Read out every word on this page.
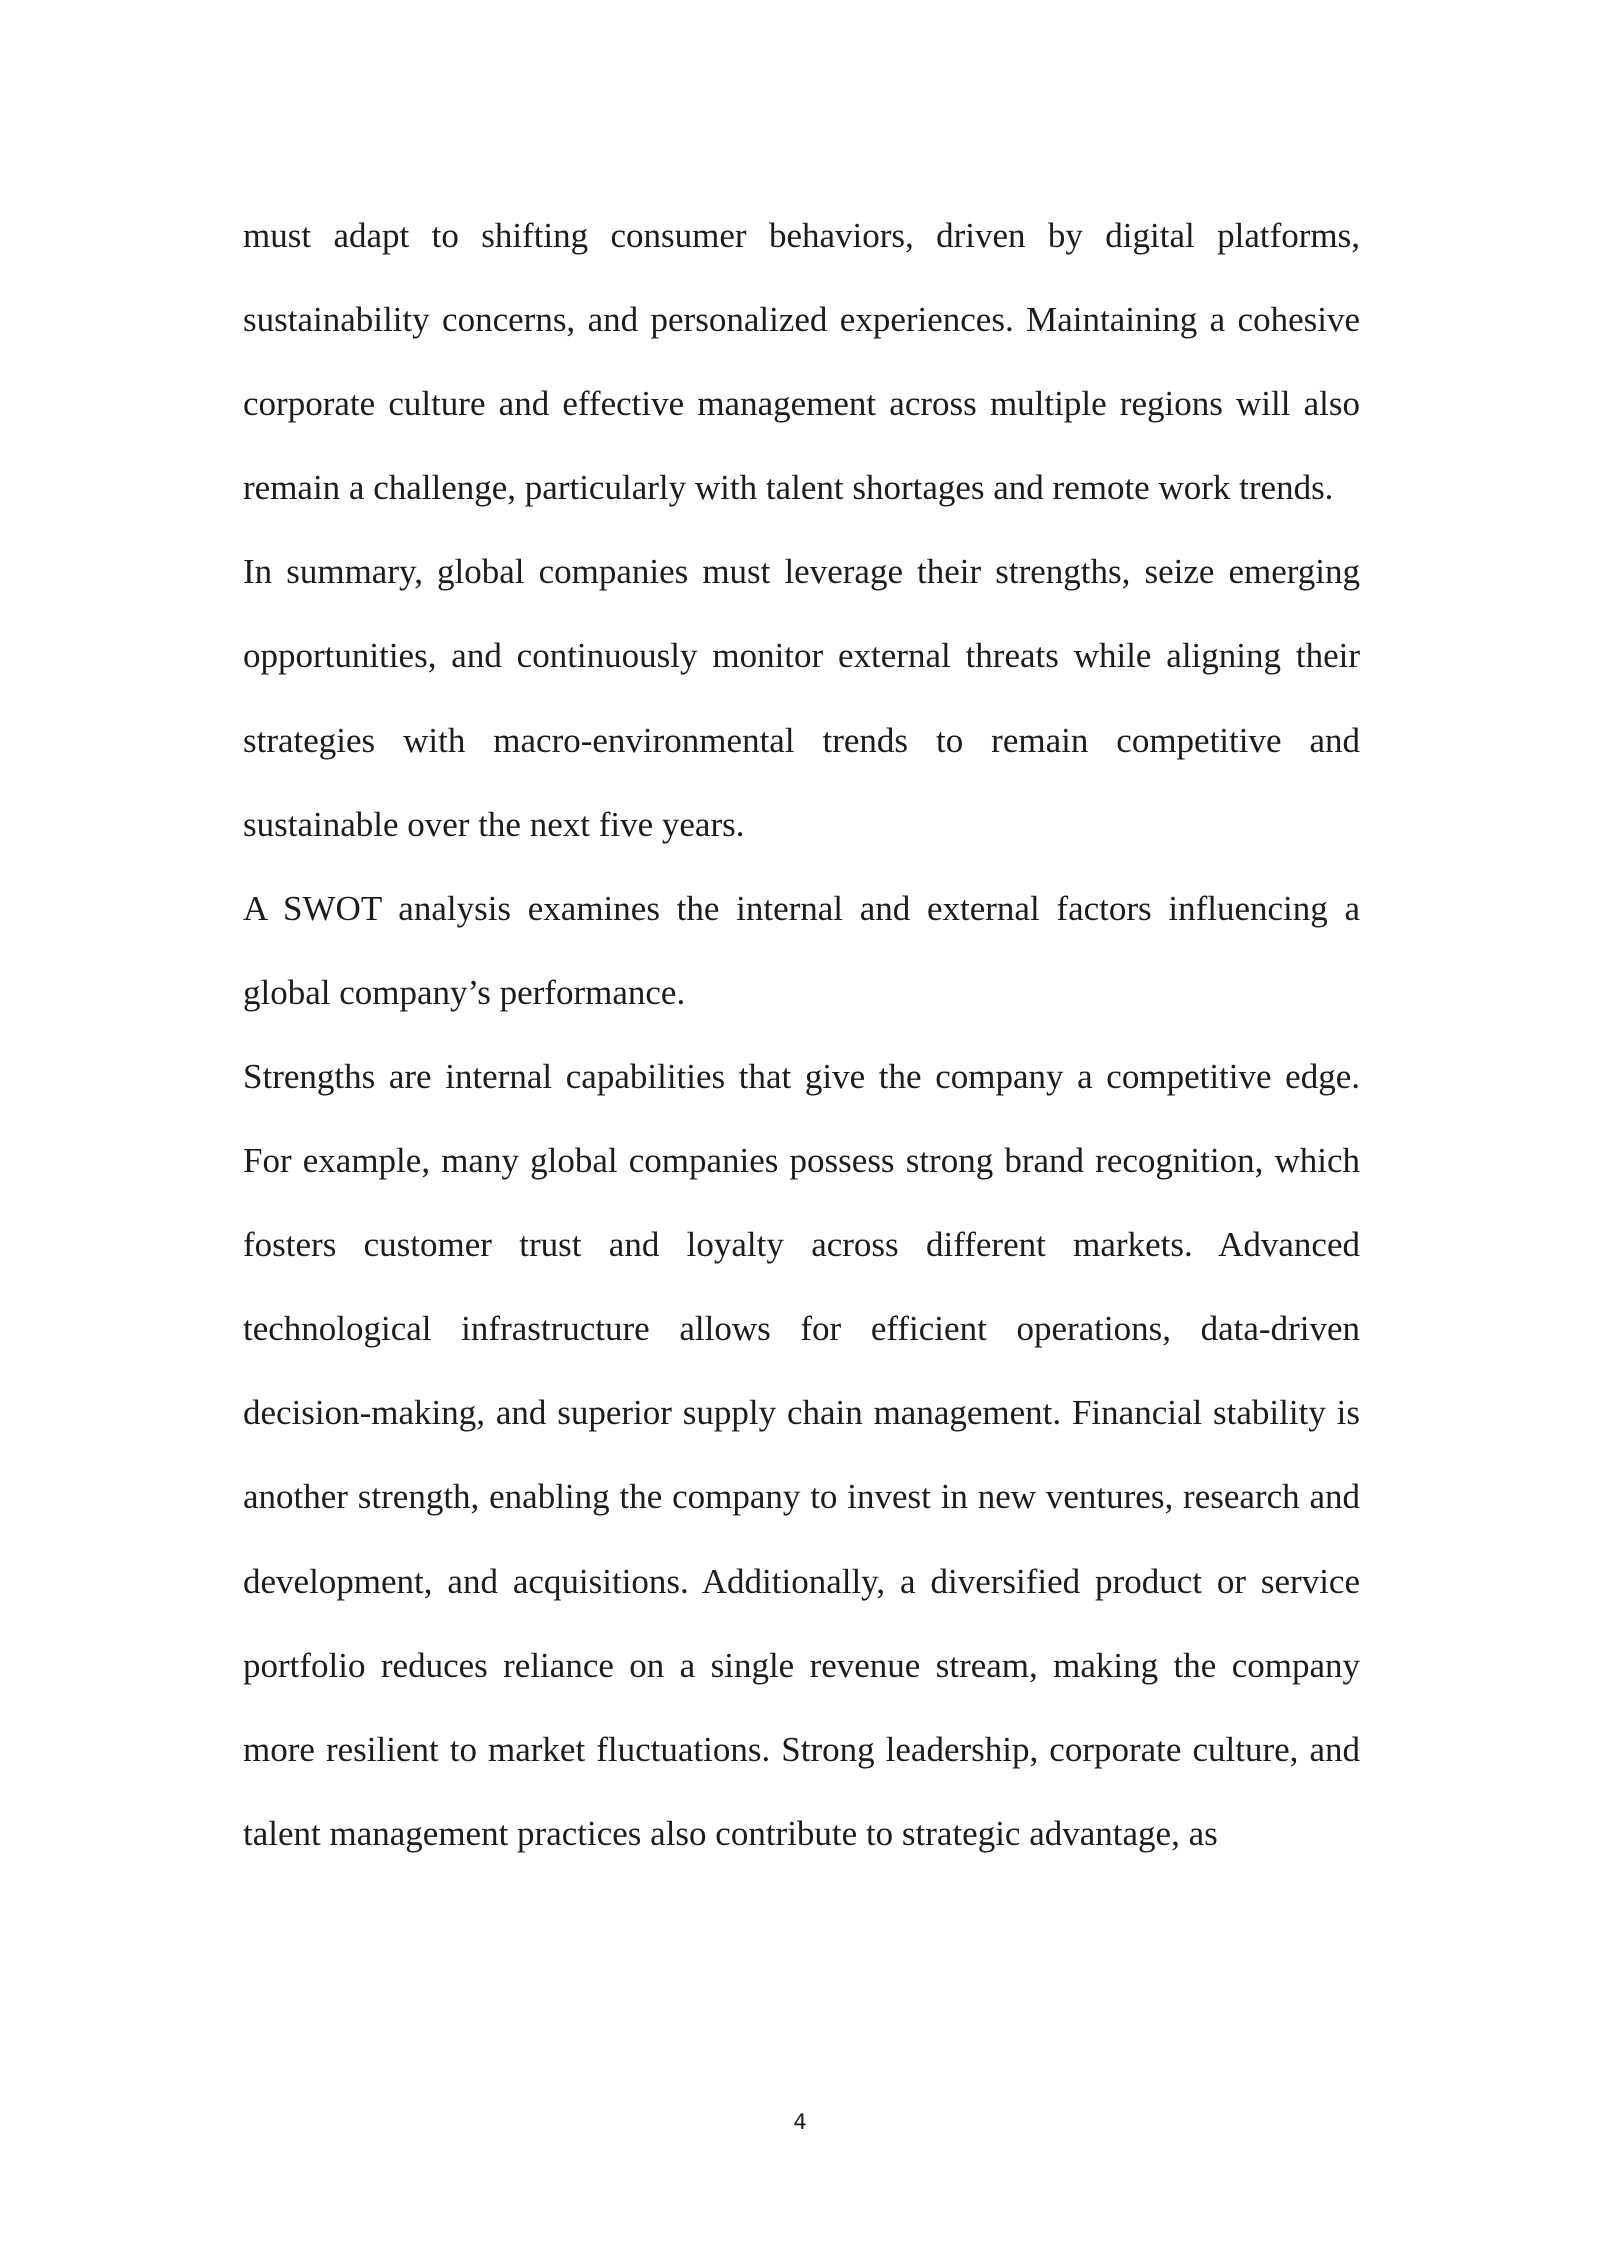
must adapt to shifting consumer behaviors, driven by digital platforms, sustainability concerns, and personalized experiences. Maintaining a cohesive corporate culture and effective management across multiple regions will also remain a challenge, particularly with talent shortages and remote work trends.

In summary, global companies must leverage their strengths, seize emerging opportunities, and continuously monitor external threats while aligning their strategies with macro-environmental trends to remain competitive and sustainable over the next five years.

A SWOT analysis examines the internal and external factors influencing a global company’s performance.

Strengths are internal capabilities that give the company a competitive edge. For example, many global companies possess strong brand recognition, which fosters customer trust and loyalty across different markets. Advanced technological infrastructure allows for efficient operations, data-driven decision-making, and superior supply chain management. Financial stability is another strength, enabling the company to invest in new ventures, research and development, and acquisitions. Additionally, a diversified product or service portfolio reduces reliance on a single revenue stream, making the company more resilient to market fluctuations. Strong leadership, corporate culture, and talent management practices also contribute to strategic advantage, as

4
